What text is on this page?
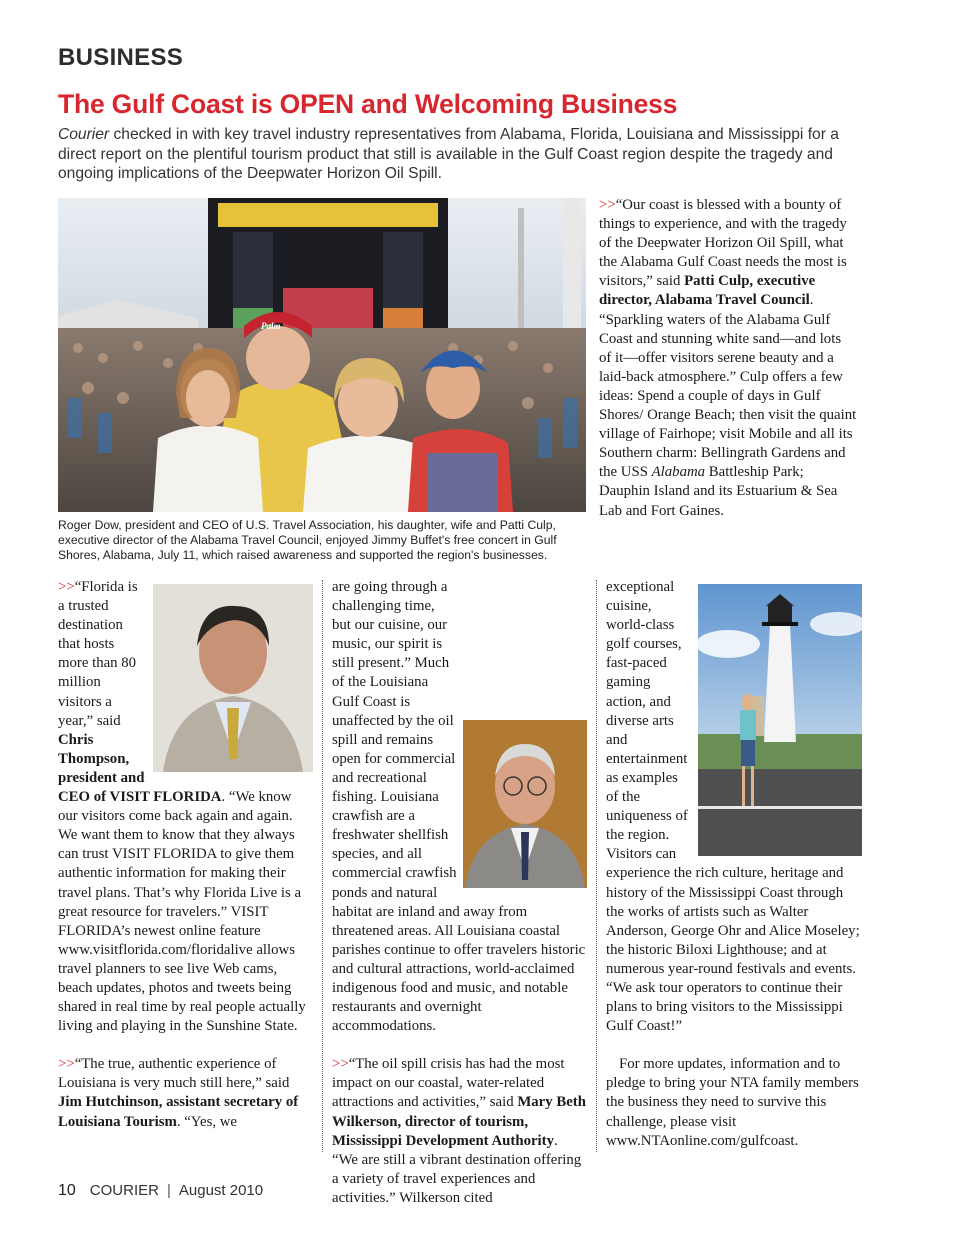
BUSINESS
The Gulf Coast is OPEN and Welcoming Business

Courier checked in with key travel industry representatives from Alabama, Florida, Louisiana and Mississippi for a direct report on the plentiful tourism product that still is available in the Gulf Coast region despite the tragedy and ongoing implications of the Deepwater Horizon Oil Spill.

Palm

Roger Dow, president and CEO of U.S. Travel Association, his daughter, wife and Patti Culp, executive director of the Alabama Travel Council, enjoyed Jimmy Buffet's free concert in Gulf Shores, Alabama, July 11, which raised awareness and supported the region's businesses.

>>“Our coast is blessed with a bounty of things to experience, and with the tragedy of the Deepwater Horizon Oil Spill, what the Alabama Gulf Coast needs the most is visitors,” said Patti Culp, executive director, Alabama Travel Council. “Sparkling waters of the Alabama Gulf Coast and stunning white sand—and lots of it—offer visitors serene beauty and a laid-back atmosphere.” Culp offers a few ideas: Spend a couple of days in Gulf Shores/ Orange Beach; then visit the quaint village of Fairhope; visit Mobile and all its Southern charm: Bellingrath Gardens and the USS Alabama Battleship Park; Dauphin Island and its Estuarium & Sea Lab and Fort Gaines.

>>“Florida is a trusted destination that hosts more than 80 million visitors a year,” said Chris Thompson, president and CEO of VISIT FLORIDA. “We know our visitors come back again and again. We want them to know that they always can trust VISIT FLORIDA to give them authentic information for making their travel plans. That’s why Florida Live is a great resource for travelers.” VISIT FLORIDA’s newest online feature www.visitflorida.com/floridalive allows travel planners to see live Web cams, beach updates, photos and tweets being shared in real time by real people actually living and playing in the Sunshine State.

>>“The true, authentic experience of Louisiana is very much still here,” said Jim Hutchinson, assistant secretary of Louisiana Tourism. “Yes, we

are going through a challenging time, but our cuisine, our music, our spirit is still present.” Much of the Louisiana Gulf Coast is unaffected by the oil spill and remains open for commercial and recreational fishing. Louisiana crawfish are a freshwater shellfish species, and all commercial crawfish ponds and natural habitat are inland and away from threatened areas. All Louisiana coastal parishes continue to offer travelers historic and cultural attractions, world-acclaimed indigenous food and music, and notable restaurants and overnight accommodations.

>>“The oil spill crisis has had the most impact on our coastal, water-related attractions and activities,” said Mary Beth Wilkerson, director of tourism, Mississippi Development Authority. “We are still a vibrant destination offering a variety of travel experiences and activities.” Wilkerson cited

exceptional cuisine, world-class golf courses, fast-paced gaming action, and diverse arts and entertainment as examples of the uniqueness of the region. Visitors can experience the rich culture, heritage and history of the Mississippi Coast through the works of artists such as Walter Anderson, George Ohr and Alice Moseley; the historic Biloxi Lighthouse; and at numerous year-round festivals and events. “We ask tour operators to continue their plans to bring visitors to the Mississippi Gulf Coast!”

For more updates, information and to pledge to bring your NTA family members the business they need to survive this challenge, please visit www.NTAonline.com/gulfcoast.

10 COURIER | August 2010
